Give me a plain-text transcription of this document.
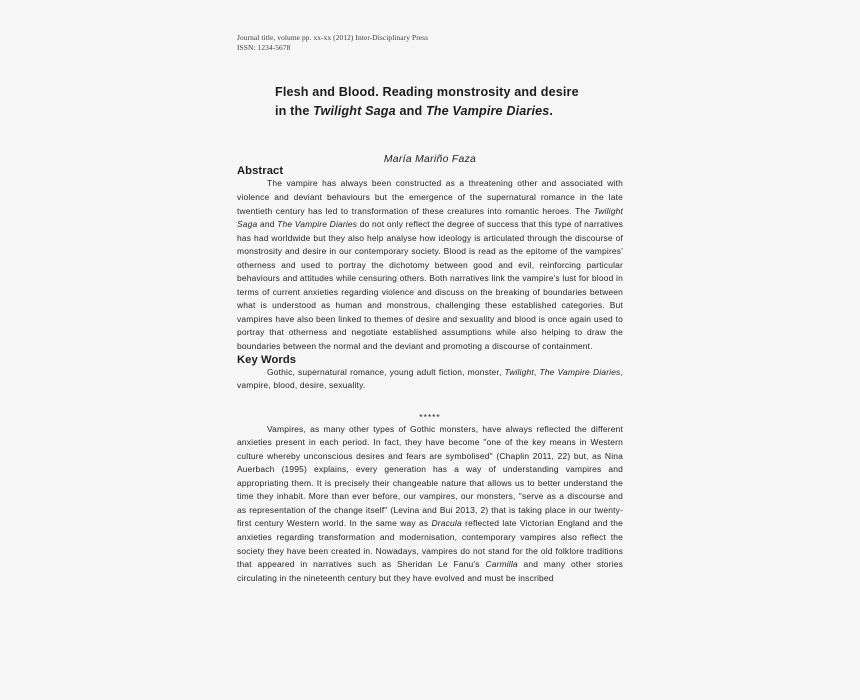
Journal title, volume pp. xx-xx (2012) Inter-Disciplinary Press
ISSN: 1234-5678
Flesh and Blood. Reading monstrosity and desire
in the Twilight Saga and The Vampire Diaries.
María Mariño Faza
Abstract

The vampire has always been constructed as a threatening other and associated with violence and deviant behaviours but the emergence of the supernatural romance in the late twentieth century has led to transformation of these creatures into romantic heroes. The Twilight Saga and The Vampire Diaries do not only reflect the degree of success that this type of narratives has had worldwide but they also help analyse how ideology is articulated through the discourse of monstrosity and desire in our contemporary society. Blood is read as the epitome of the vampires' otherness and used to portray the dichotomy between good and evil, reinforcing particular behaviours and attitudes while censuring others. Both narratives link the vampire's lust for blood in terms of current anxieties regarding violence and discuss on the breaking of boundaries between what is understood as human and monstrous, challenging these established categories. But vampires have also been linked to themes of desire and sexuality and blood is once again used to portray that otherness and negotiate established assumptions while also helping to draw the boundaries between the normal and the deviant and promoting a discourse of containment.

Key Words

Gothic, supernatural romance, young adult fiction, monster, Twilight, The Vampire Diaries, vampire, blood, desire, sexuality.

*****

Vampires, as many other types of Gothic monsters, have always reflected the different anxieties present in each period. In fact, they have become "one of the key means in Western culture whereby unconscious desires and fears are symbolised" (Chaplin 2011, 22) but, as Nina Auerbach (1995) explains, every generation has a way of understanding vampires and appropriating them. It is precisely their changeable nature that allows us to better understand the time they inhabit. More than ever before, our vampires, our monsters, "serve as a discourse and as representation of the change itself" (Levina and Bui 2013, 2) that is taking place in our twenty-first century Western world. In the same way as Dracula reflected late Victorian England and the anxieties regarding transformation and modernisation, contemporary vampires also reflect the society they have been created in. Nowadays, vampires do not stand for the old folklore traditions that appeared in narratives such as Sheridan Le Fanu's Carmilla and many other stories circulating in the nineteenth century but they have evolved and must be inscribed
